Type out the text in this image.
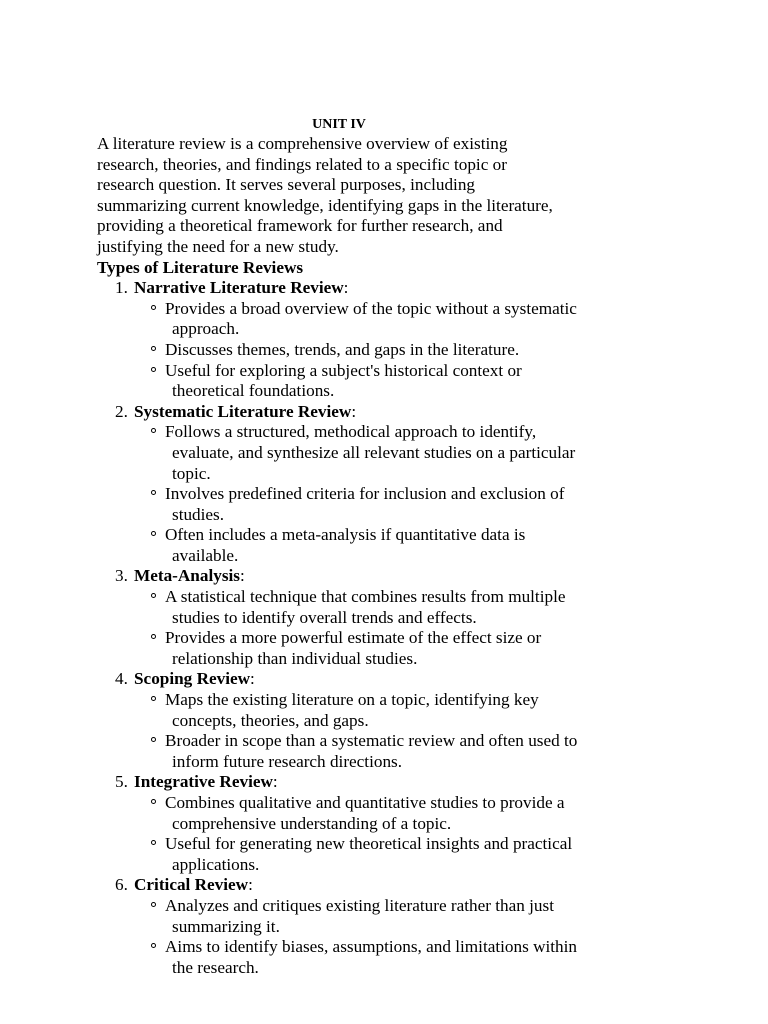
UNIT IV

A literature review is a comprehensive overview of existing research, theories, and findings related to a specific topic or research question. It serves several purposes, including summarizing current knowledge, identifying gaps in the literature, providing a theoretical framework for further research, and justifying the need for a new study.

Types of Literature Reviews

1. Narrative Literature Review:
Provides a broad overview of the topic without a systematic approach.
Discusses themes, trends, and gaps in the literature.
Useful for exploring a subject's historical context or theoretical foundations.
2. Systematic Literature Review:
Follows a structured, methodical approach to identify, evaluate, and synthesize all relevant studies on a particular topic.
Involves predefined criteria for inclusion and exclusion of studies.
Often includes a meta-analysis if quantitative data is available.
3. Meta-Analysis:
A statistical technique that combines results from multiple studies to identify overall trends and effects.
Provides a more powerful estimate of the effect size or relationship than individual studies.
4. Scoping Review:
Maps the existing literature on a topic, identifying key concepts, theories, and gaps.
Broader in scope than a systematic review and often used to inform future research directions.
5. Integrative Review:
Combines qualitative and quantitative studies to provide a comprehensive understanding of a topic.
Useful for generating new theoretical insights and practical applications.
6. Critical Review:
Analyzes and critiques existing literature rather than just summarizing it.
Aims to identify biases, assumptions, and limitations within the research.
